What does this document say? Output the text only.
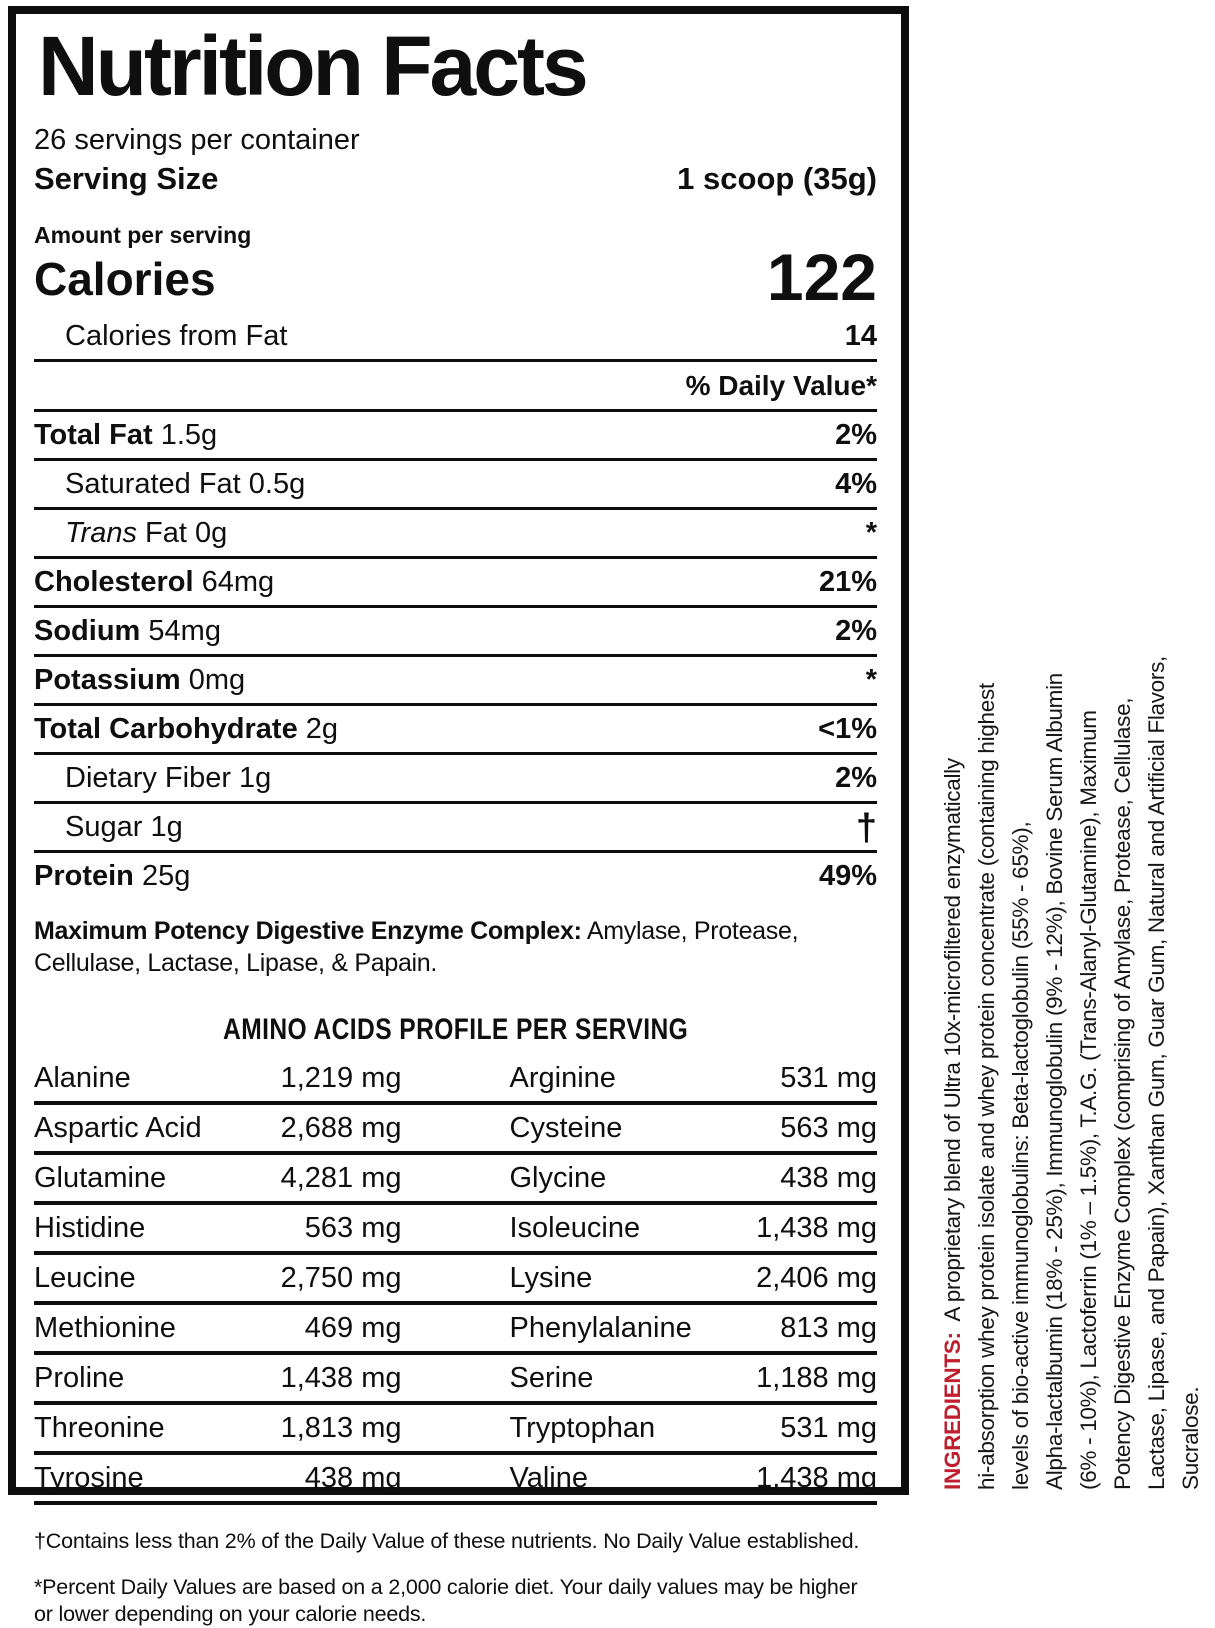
Nutrition Facts
26 servings per container
Serving Size	1 scoop (35g)
Amount per serving
Calories	122
Calories from Fat	14
% Daily Value*
Total Fat 1.5g	2%
Saturated Fat 0.5g	4%
Trans Fat 0g	*
Cholesterol 64mg	21%
Sodium 54mg	2%
Potassium 0mg	*
Total Carbohydrate 2g	<1%
Dietary Fiber 1g	2%
Sugar 1g	†
Protein 25g	49%
Maximum Potency Digestive Enzyme Complex: Amylase, Protease, Cellulase, Lactase, Lipase, & Papain.
AMINO ACIDS PROFILE PER SERVING
Alanine	1,219 mg	Arginine	531 mg
Aspartic Acid	2,688 mg	Cysteine	563 mg
Glutamine	4,281 mg	Glycine	438 mg
Histidine	563 mg	Isoleucine	1,438 mg
Leucine	2,750 mg	Lysine	2,406 mg
Methionine	469 mg	Phenylalanine	813 mg
Proline	1,438 mg	Serine	1,188 mg
Threonine	1,813 mg	Tryptophan	531 mg
Tyrosine	438 mg	Valine	1,438 mg
†Contains less than 2% of the Daily Value of these nutrients. No Daily Value established.
*Percent Daily Values are based on a 2,000 calorie diet. Your daily values may be higher or lower depending on your calorie needs.
INGREDIENTS:  A proprietary blend of Ultra 10x-microfiltered enzymatically hi-absorption whey protein isolate and whey protein concentrate (containing highest levels of bio-active immunoglobulins: Beta-lactoglobulin (55% - 65%), Alpha-lactalbumin (18% - 25%), Immunoglobulin (9% - 12%), Bovine Serum Albumin (6% - 10%), Lactoferrin (1% – 1.5%), T.A.G. (Trans-Alanyl-Glutamine), Maximum Potency Digestive Enzyme Complex (comprising of Amylase, Protease, Cellulase, Lactase, Lipase, and Papain), Xanthan Gum, Guar Gum, Natural and Artificial Flavors, Sucralose.
